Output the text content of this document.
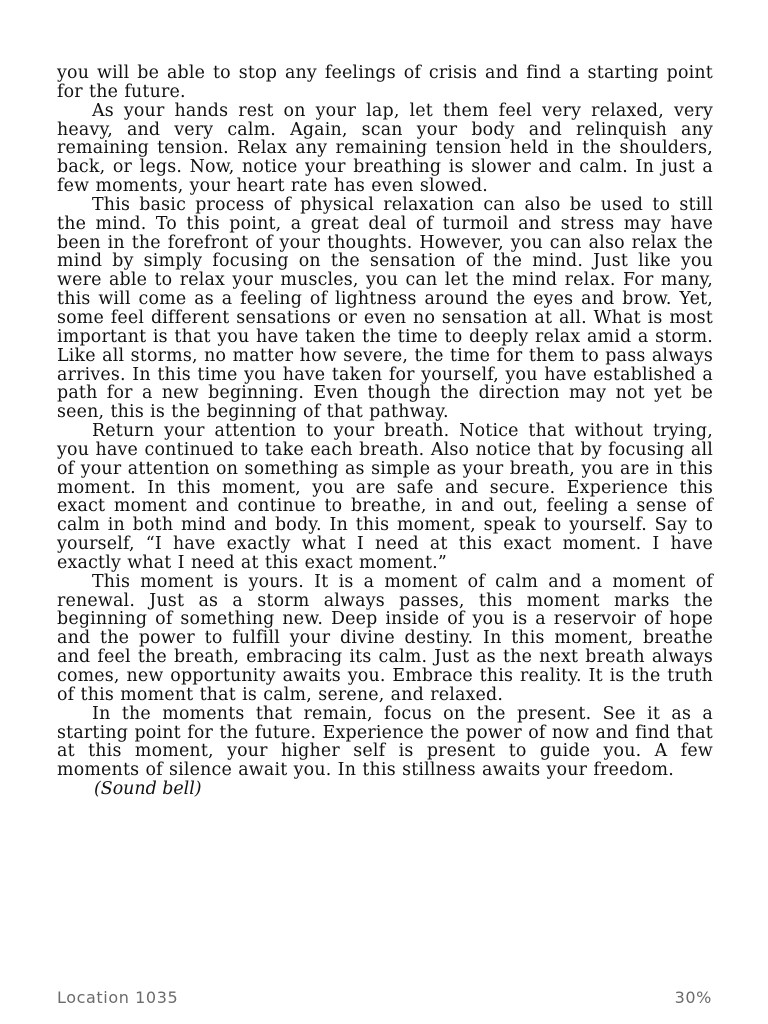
you will be able to stop any feelings of crisis and find a starting point for the future.

As your hands rest on your lap, let them feel very relaxed, very heavy, and very calm. Again, scan your body and relinquish any remaining tension. Relax any remaining tension held in the shoulders, back, or legs. Now, notice your breathing is slower and calm. In just a few moments, your heart rate has even slowed.

This basic process of physical relaxation can also be used to still the mind. To this point, a great deal of turmoil and stress may have been in the forefront of your thoughts. However, you can also relax the mind by simply focusing on the sensation of the mind. Just like you were able to relax your muscles, you can let the mind relax. For many, this will come as a feeling of lightness around the eyes and brow. Yet, some feel different sensations or even no sensation at all. What is most important is that you have taken the time to deeply relax amid a storm. Like all storms, no matter how severe, the time for them to pass always arrives. In this time you have taken for yourself, you have established a path for a new beginning. Even though the direction may not yet be seen, this is the beginning of that pathway.

Return your attention to your breath. Notice that without trying, you have continued to take each breath. Also notice that by focusing all of your attention on something as simple as your breath, you are in this moment. In this moment, you are safe and secure. Experience this exact moment and continue to breathe, in and out, feeling a sense of calm in both mind and body. In this moment, speak to yourself. Say to yourself, “I have exactly what I need at this exact moment. I have exactly what I need at this exact moment.”

This moment is yours. It is a moment of calm and a moment of renewal. Just as a storm always passes, this moment marks the beginning of something new. Deep inside of you is a reservoir of hope and the power to fulfill your divine destiny. In this moment, breathe and feel the breath, embracing its calm. Just as the next breath always comes, new opportunity awaits you. Embrace this reality. It is the truth of this moment that is calm, serene, and relaxed.

In the moments that remain, focus on the present. See it as a starting point for the future. Experience the power of now and find that at this moment, your higher self is present to guide you. A few moments of silence await you. In this stillness awaits your freedom.

(Sound bell)

Location 1035	30%
